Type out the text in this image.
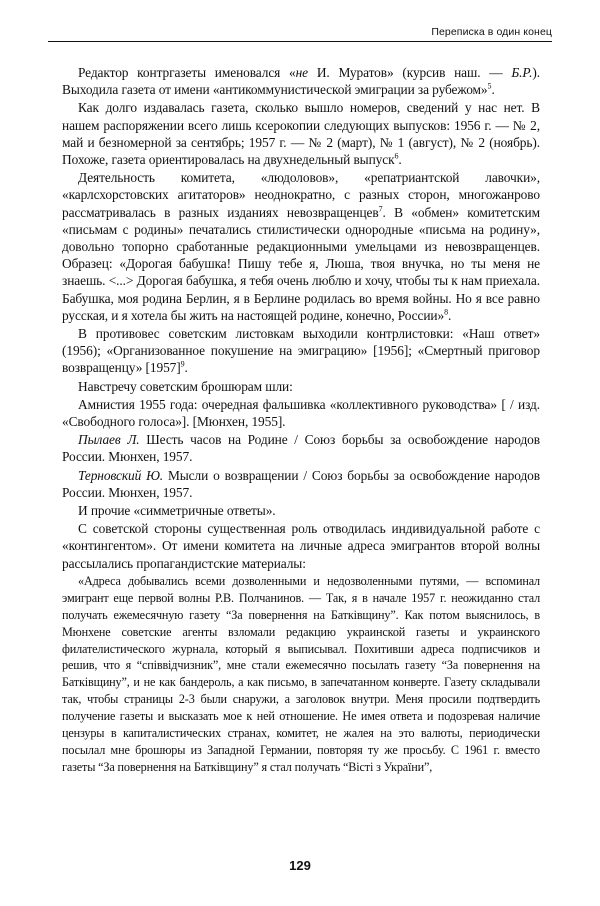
Переписка в один конец

Редактор контргазеты именовался «не И. Муратов» (курсив наш. — Б.Р.). Выходила газета от имени «антикоммунистической эмиграции за рубежом»$^5$.

Как долго издавалась газета, сколько вышло номеров, сведений у нас нет. В нашем распоряжении всего лишь ксерокопии следующих выпусков: 1956 г. — № 2, май и безномерной за сентябрь; 1957 г. — № 2 (март), № 1 (август), № 2 (ноябрь). Похоже, газета ориентировалась на двухнедельный выпуск$^6$.

Деятельность комитета, «людоловов», «репатриантской лавочки», «карлсхорстовских агитаторов» неоднократно, с разных сторон, многожанрово рассматривалась в разных изданиях невозвращенцев$^7$. В «обмен» комитетским «письмам с родины» печатались стилистически однородные «письма на родину», довольно топорно сработанные редакционными умельцами из невозвращенцев. Образец: «Дорогая бабушка! Пишу тебе я, Люша, твоя внучка, но ты меня не знаешь. <...> Дорогая бабушка, я тебя очень люблю и хочу, чтобы ты к нам приехала. Бабушка, моя родина Берлин, я в Берлине родилась во время войны. Но я все равно русская, и я хотела бы жить на настоящей родине, конечно, России»$^8$.

В противовес советским листовкам выходили контрлистовки: «Наш ответ» (1956); «Организованное покушение на эмиграцию» [1956]; «Смертный приговор возвращенцу» $[1957]^9$.

Навстречу советским брошюрам шли:

Амнистия 1955 года: очередная фальшивка «коллективного руководства» [ / изд. «Свободного голоса»]. [Мюнхен, 1955].

Пылаев Л. Шесть часов на Родине / Союз борьбы за освобождение народов России. Мюнхен, 1957.

Терновский Ю. Мысли о возвращении / Союз борьбы за освобождение народов России. Мюнхен, 1957.

И прочие «симметричные ответы».

С советской стороны существенная роль отводилась индивидуальной работе с «контингентом». От имени комитета на личные адреса эмигрантов второй волны рассылались пропагандистские материалы:

«Адреса добывались всеми дозволенными и недозволенными путями, — вспоминал эмигрант еще первой волны Р.В. Полчанинов. — Так, я в начале 1957 г. неожиданно стал получать ежемесячную газету “За повернення на Батківщину”. Как потом выяснилось, в Мюнхене советские агенты взломали редакцию украинской газеты и украинского филателистического журнала, который я выписывал. Похитивши адреса подписчиков и решив, что я “співвiдчизник”, мне стали ежемесячно посылать газету “За повернення на Батківщину”, и не как бандероль, а как письмо, в запечатанном конверте. Газету складывали так, чтобы страницы 2-3 были снаружи, а заголовок внутри. Меня просили подтвердить получение газеты и высказать мое к ней отношение. Не имея ответа и подозревая наличие цензуры в капиталистических странах, комитет, не жалея на это валюты, периодически посылал мне брошюры из Западной Германии, повторяя ту же просьбу. С 1961 г. вместо газеты “За повернення на Батківщину” я стал получать “Вісті з України”,

129
